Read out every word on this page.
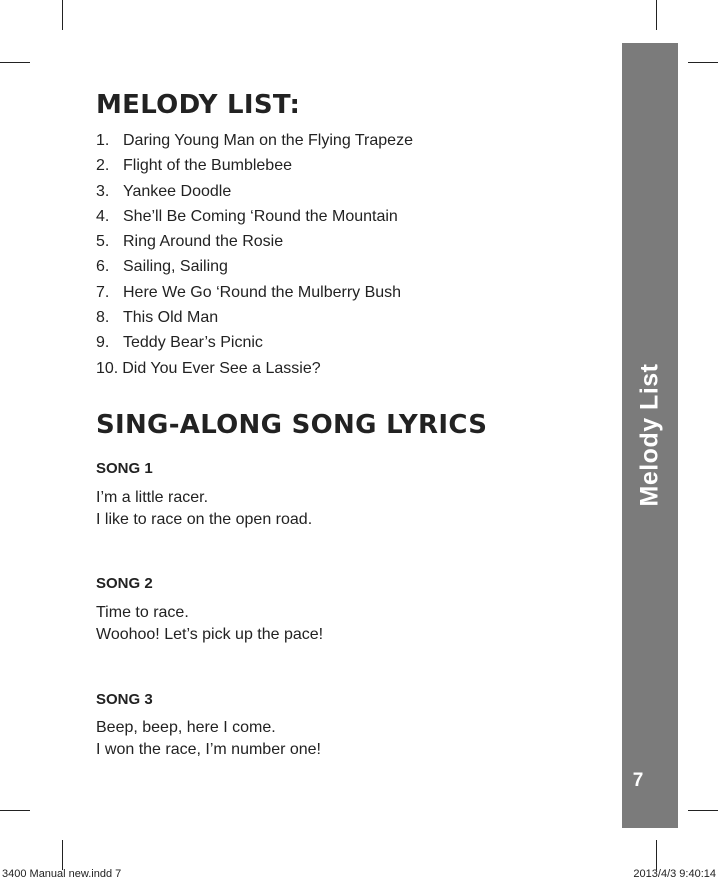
Melody List
7
MELODY LIST:
1. Daring Young Man on the Flying Trapeze
2. Flight of the Bumblebee
3. Yankee Doodle
4. She’ll Be Coming ‘Round the Mountain
5. Ring Around the Rosie
6. Sailing, Sailing
7. Here We Go ‘Round the Mulberry Bush
8. This Old Man
9. Teddy Bear’s Picnic
10. Did You Ever See a Lassie?
SING-ALONG SONG LYRICS
SONG 1

I’m a little racer.
I like to race on the open road.

SONG 2

Time to race.
Woohoo! Let’s pick up the pace!

SONG 3

Beep, beep, here I come.
I won the race, I’m number one!

3400 Manual new.indd 7	2013/4/3 9:40:14
